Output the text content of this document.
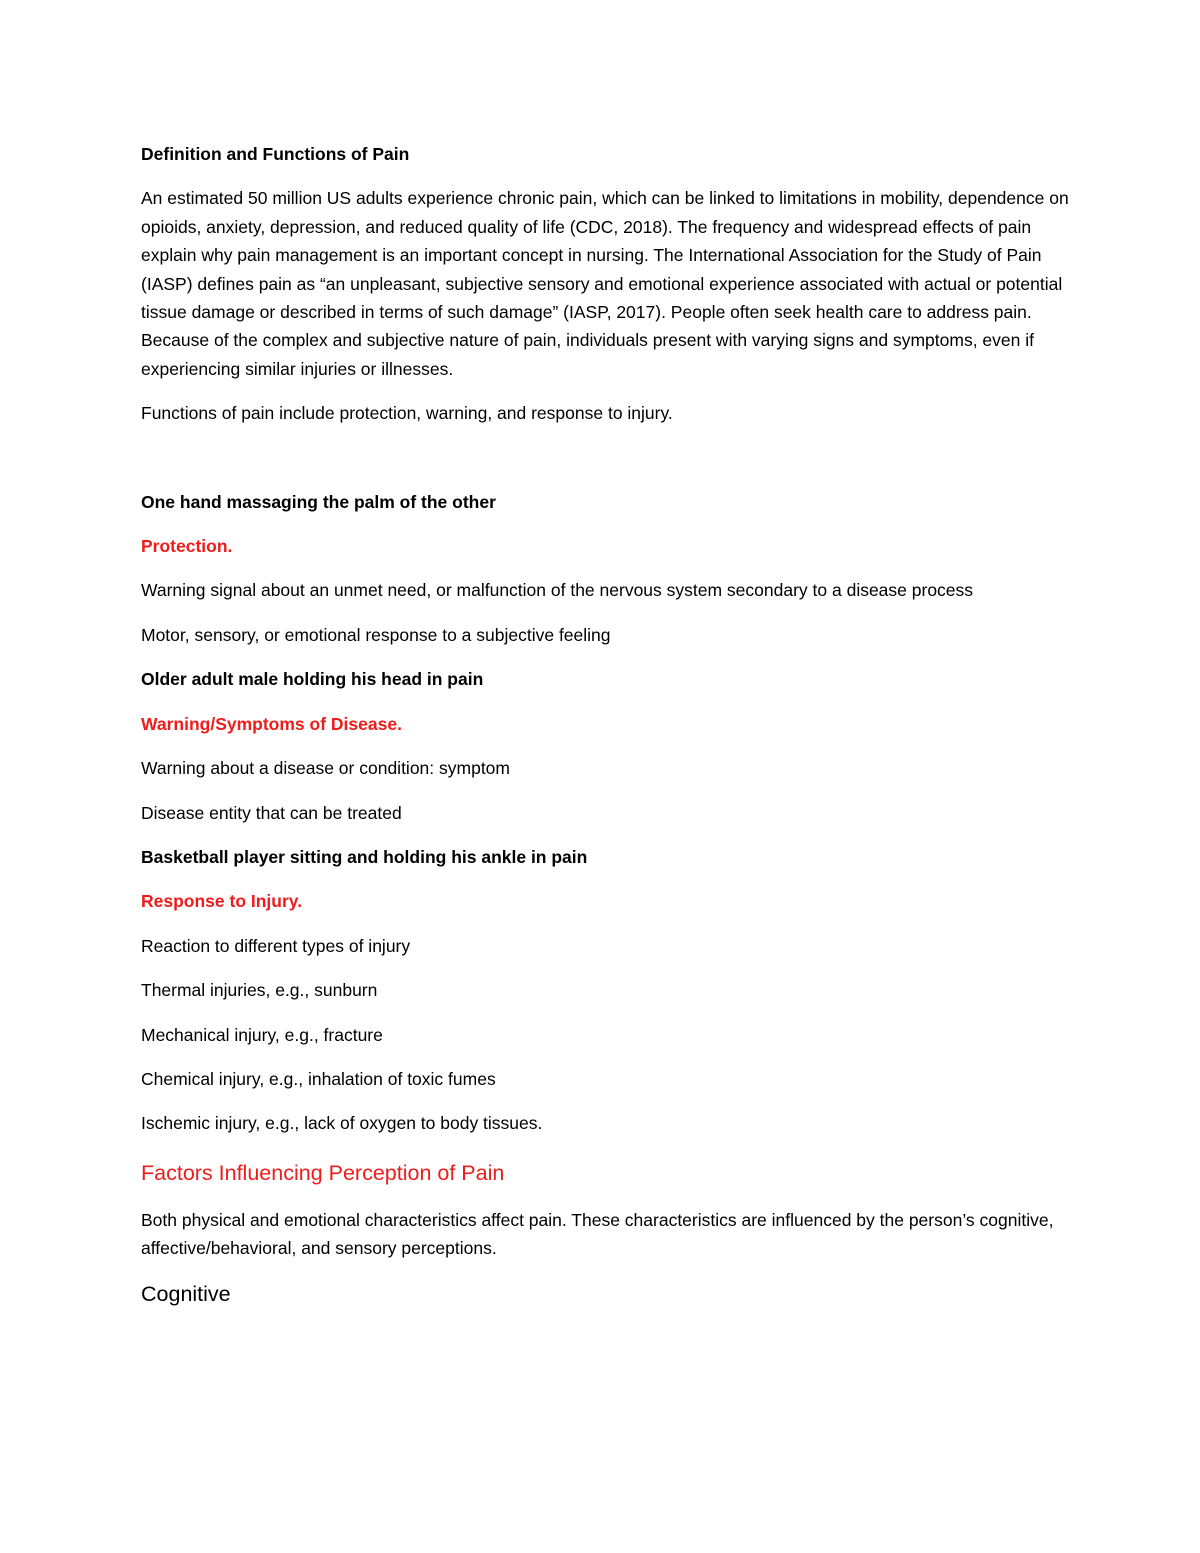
Definition and Functions of Pain

An estimated 50 million US adults experience chronic pain, which can be linked to limitations in mobility, dependence on opioids, anxiety, depression, and reduced quality of life (CDC, 2018). The frequency and widespread effects of pain explain why pain management is an important concept in nursing. The International Association for the Study of Pain (IASP) defines pain as “an unpleasant, subjective sensory and emotional experience associated with actual or potential tissue damage or described in terms of such damage” (IASP, 2017). People often seek health care to address pain. Because of the complex and subjective nature of pain, individuals present with varying signs and symptoms, even if experiencing similar injuries or illnesses.

Functions of pain include protection, warning, and response to injury.

One hand massaging the palm of the other

Protection.

Warning signal about an unmet need, or malfunction of the nervous system secondary to a disease process

Motor, sensory, or emotional response to a subjective feeling

Older adult male holding his head in pain

Warning/Symptoms of Disease.

Warning about a disease or condition: symptom

Disease entity that can be treated

Basketball player sitting and holding his ankle in pain

Response to Injury.

Reaction to different types of injury

Thermal injuries, e.g., sunburn

Mechanical injury, e.g., fracture

Chemical injury, e.g., inhalation of toxic fumes

Ischemic injury, e.g., lack of oxygen to body tissues.

Factors Influencing Perception of Pain

Both physical and emotional characteristics affect pain. These characteristics are influenced by the person’s cognitive, affective/behavioral, and sensory perceptions.

Cognitive
